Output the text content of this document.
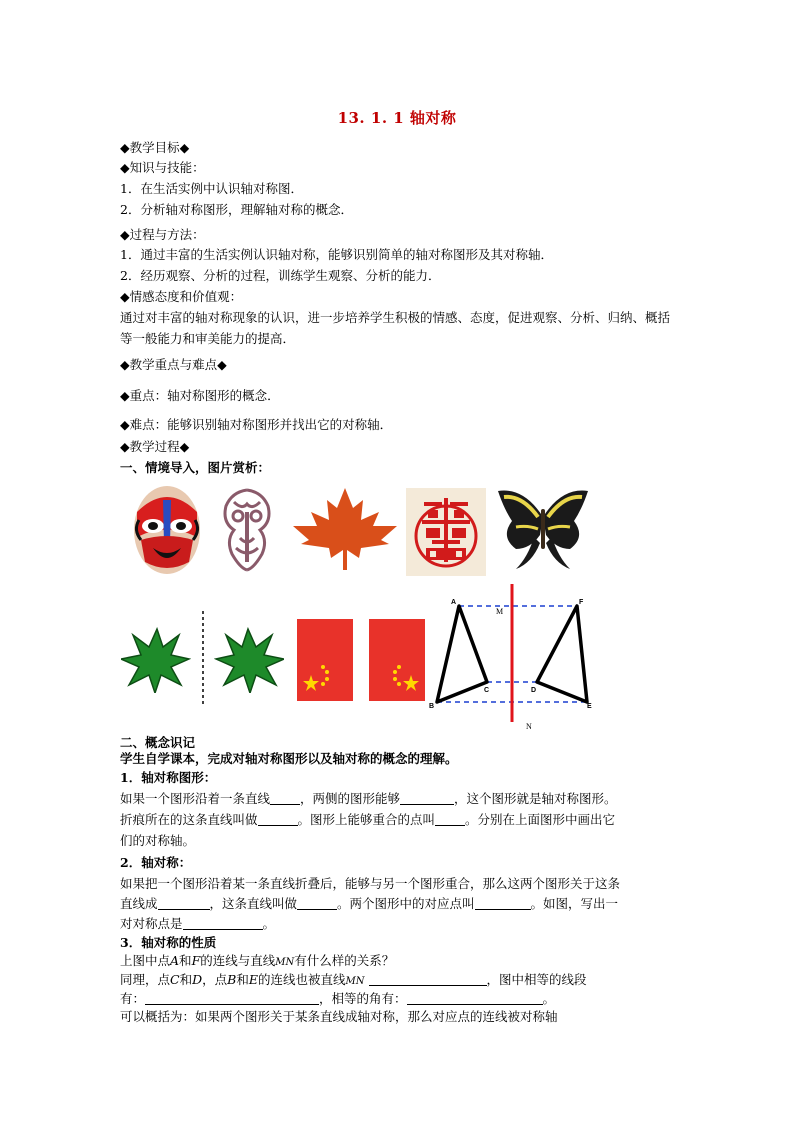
13. 1. 1 轴对称
◆教学目标◆
◆知识与技能：
1．在生活实例中认识轴对称图．
2．分析轴对称图形，理解轴对称的概念．
◆过程与方法：
1．通过丰富的生活实例认识轴对称，能够识别简单的轴对称图形及其对称轴．
2．经历观察、分析的过程，训练学生观察、分析的能力．
◆情感态度和价值观：
通过对丰富的轴对称现象的认识，进一步培养学生积极的情感、态度，促进观察、分析、归纳、概括等一般能力和审美能力的提高．
◆教学重点与难点◆
◆重点：轴对称图形的概念．
◆难点：能够识别轴对称图形并找出它的对称轴．
◆教学过程◆
一、情境导入，图片赏析：
A
B
C	D
E
F
M
N
二、概念识记
学生自学课本，完成对轴对称图形以及轴对称的概念的理解。
1．轴对称图形：
如果一个图形沿着一条直线 ，两侧的图形能够	，这个图形就是轴对称图形。
折痕所在的这条直线叫做	。图形上能够重合的点叫 。分别在上面图形中画出它
们的对称轴。
2．轴对称：
如果把一个图形沿着某一条直线折叠后，能够与另一个图形重合，那么这两个图形关于这条
直线成	，这条直线叫做	。两个图形中的对应点叫	。如图，写出一
对对称点是	。
3．轴对称的性质
上图中点A和F的连线与直线MN有什么样的关系？
同理，点C和D，点B和E的连线也被直线MN	，图中相等的线段
有：	，相等的角有：	。
可以概括为：如果两个图形关于某条直线成轴对称，那么对应点的连线被对称轴
